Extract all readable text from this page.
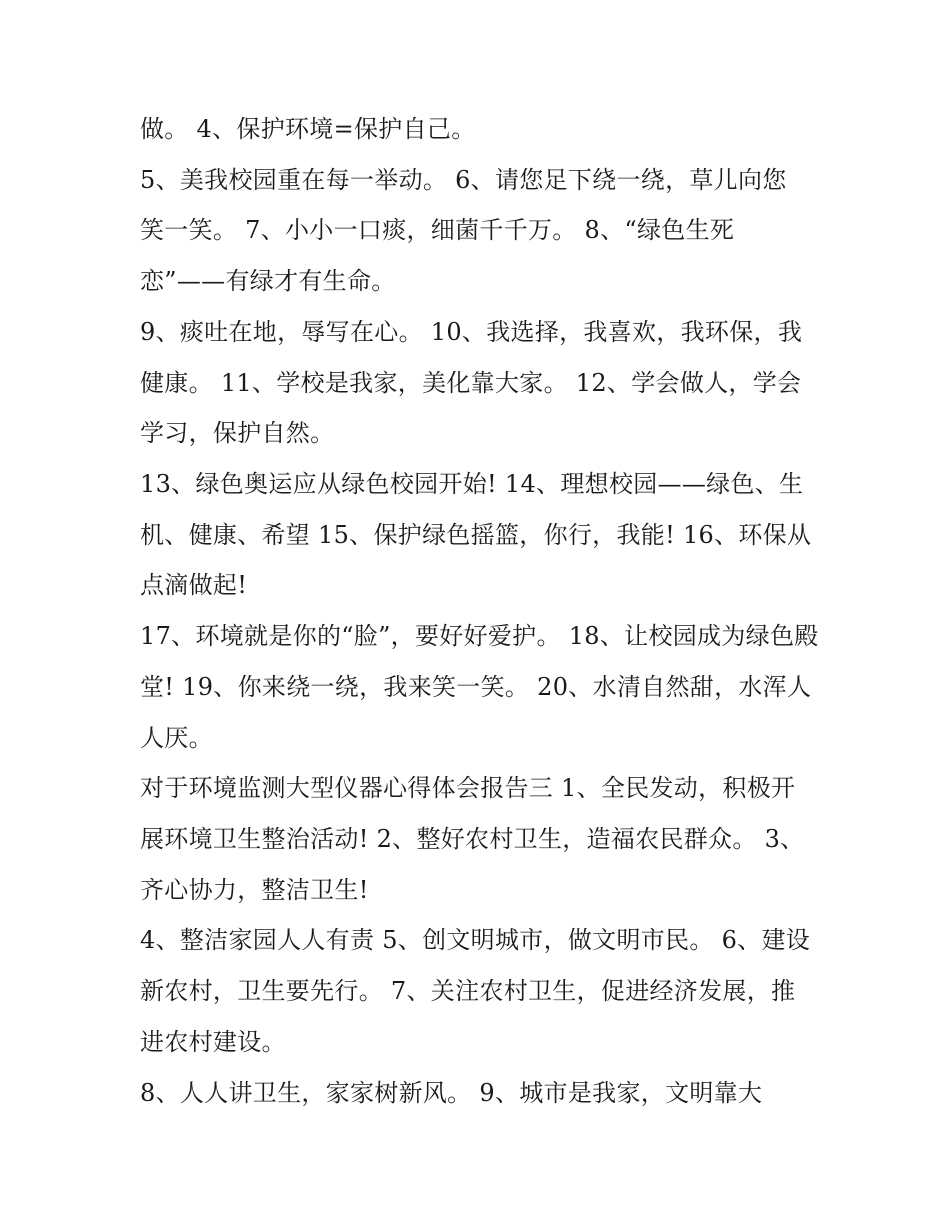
做。 4、保护环境=保护自己。
5、美我校园重在每一举动。 6、请您足下绕一绕，草儿向您
笑一笑。 7、小小一口痰，细菌千千万。 8、“绿色生死
恋”——有绿才有生命。
9、痰吐在地，辱写在心。 10、我选择，我喜欢，我环保，我
健康。 11、学校是我家，美化靠大家。 12、学会做人，学会
学习，保护自然。
13、绿色奥运应从绿色校园开始! 14、理想校园——绿色、生
机、健康、希望 15、保护绿色摇篮，你行，我能! 16、环保从
点滴做起!
17、环境就是你的“脸”，要好好爱护。 18、让校园成为绿色殿
堂! 19、你来绕一绕，我来笑一笑。 20、水清自然甜，水浑人
人厌。
对于环境监测大型仪器心得体会报告三 1、全民发动，积极开
展环境卫生整治活动! 2、整好农村卫生，造福农民群众。 3、
齐心协力，整洁卫生!
4、整洁家园人人有责 5、创文明城市，做文明市民。 6、建设
新农村，卫生要先行。 7、关注农村卫生，促进经济发展，推
进农村建设。
8、人人讲卫生，家家树新风。 9、城市是我家，文明靠大
